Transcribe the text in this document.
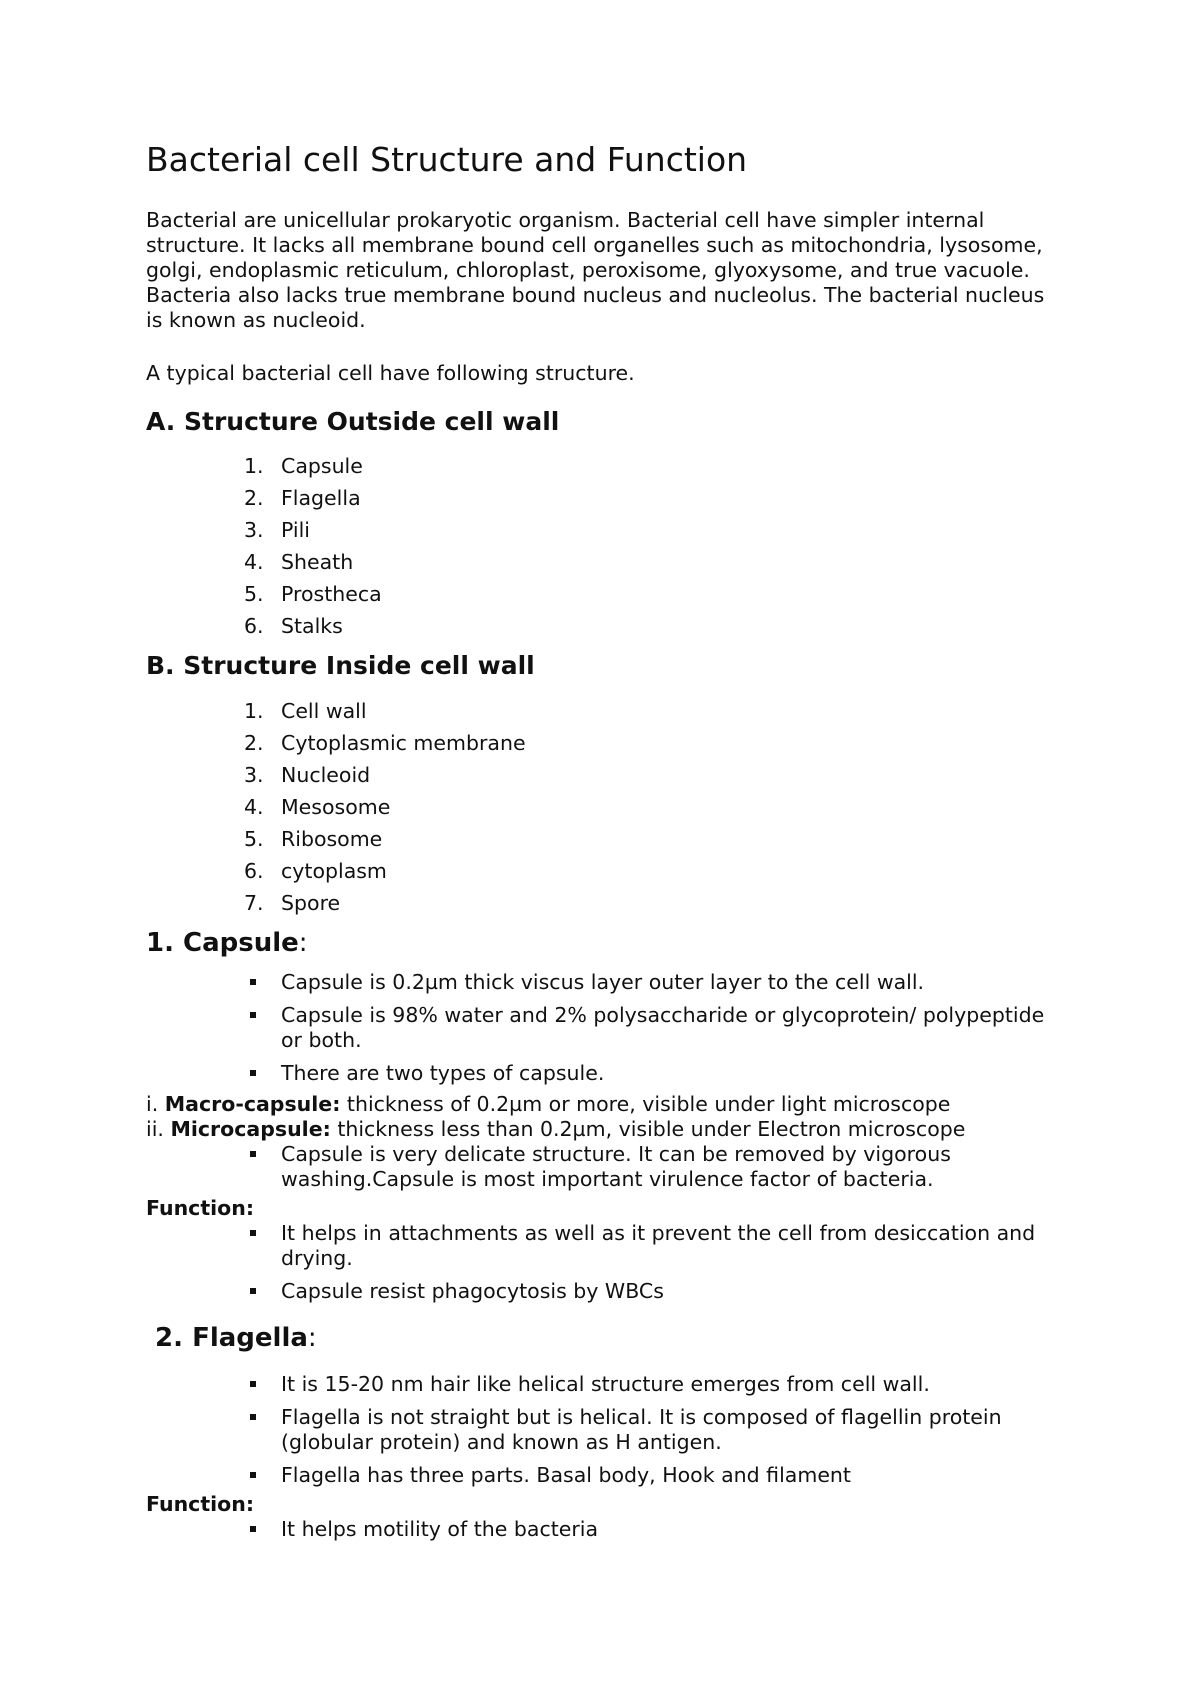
Bacterial cell Structure and Function

Bacterial are unicellular prokaryotic organism. Bacterial cell have simpler internal structure. It lacks all membrane bound cell organelles such as mitochondria, lysosome, golgi, endoplasmic reticulum, chloroplast, peroxisome, glyoxysome, and true vacuole. Bacteria also lacks true membrane bound nucleus and nucleolus. The bacterial nucleus is known as nucleoid.

A typical bacterial cell have following structure.

A. Structure Outside cell wall
1. Capsule
2. Flagella
3. Pili
4. Sheath
5. Prostheca
6. Stalks
B. Structure Inside cell wall
1. Cell wall
2. Cytoplasmic membrane
3. Nucleoid
4. Mesosome
5. Ribosome
6. cytoplasm
7. Spore
1. Capsule:
Capsule is 0.2µm thick viscus layer outer layer to the cell wall.
Capsule is 98% water and 2% polysaccharide or glycoprotein/ polypeptide or both.
There are two types of capsule.
i. Macro-capsule: thickness of 0.2µm or more, visible under light microscope
ii. Microcapsule: thickness less than 0.2µm, visible under Electron microscope
Capsule is very delicate structure. It can be removed by vigorous washing.Capsule is most important virulence factor of bacteria.
Function:
It helps in attachments as well as it prevent the cell from desiccation and drying.
Capsule resist phagocytosis by WBCs
2. Flagella:
It is 15-20 nm hair like helical structure emerges from cell wall.
Flagella is not straight but is helical. It is composed of flagellin protein (globular protein) and known as H antigen.
Flagella has three parts. Basal body, Hook and filament
Function:
It helps motility of the bacteria
